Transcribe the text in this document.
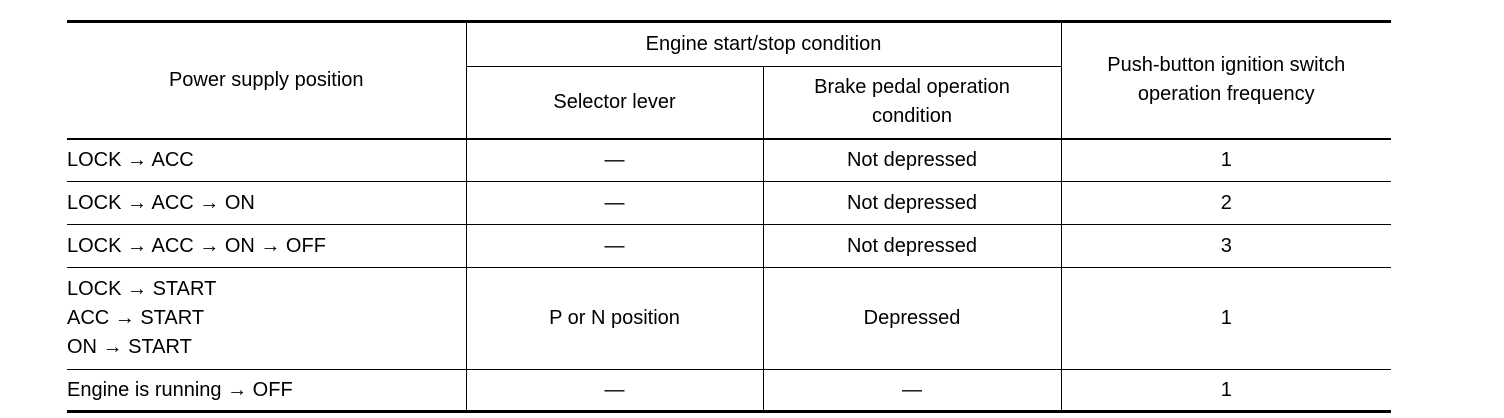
Power supply position	Engine start/stop condition		Push-button ignition switch
operation frequency

	Selector lever	Brake pedal operation
condition	

LOCK → ACC	—	Not depressed	1

LOCK → ACC → ON	—	Not depressed	2

LOCK → ACC → ON → OFF	—	Not depressed	3

LOCK → START
ACC → START
ON → START	P or N position	Depressed	1

Engine is running → OFF	—	—	1
